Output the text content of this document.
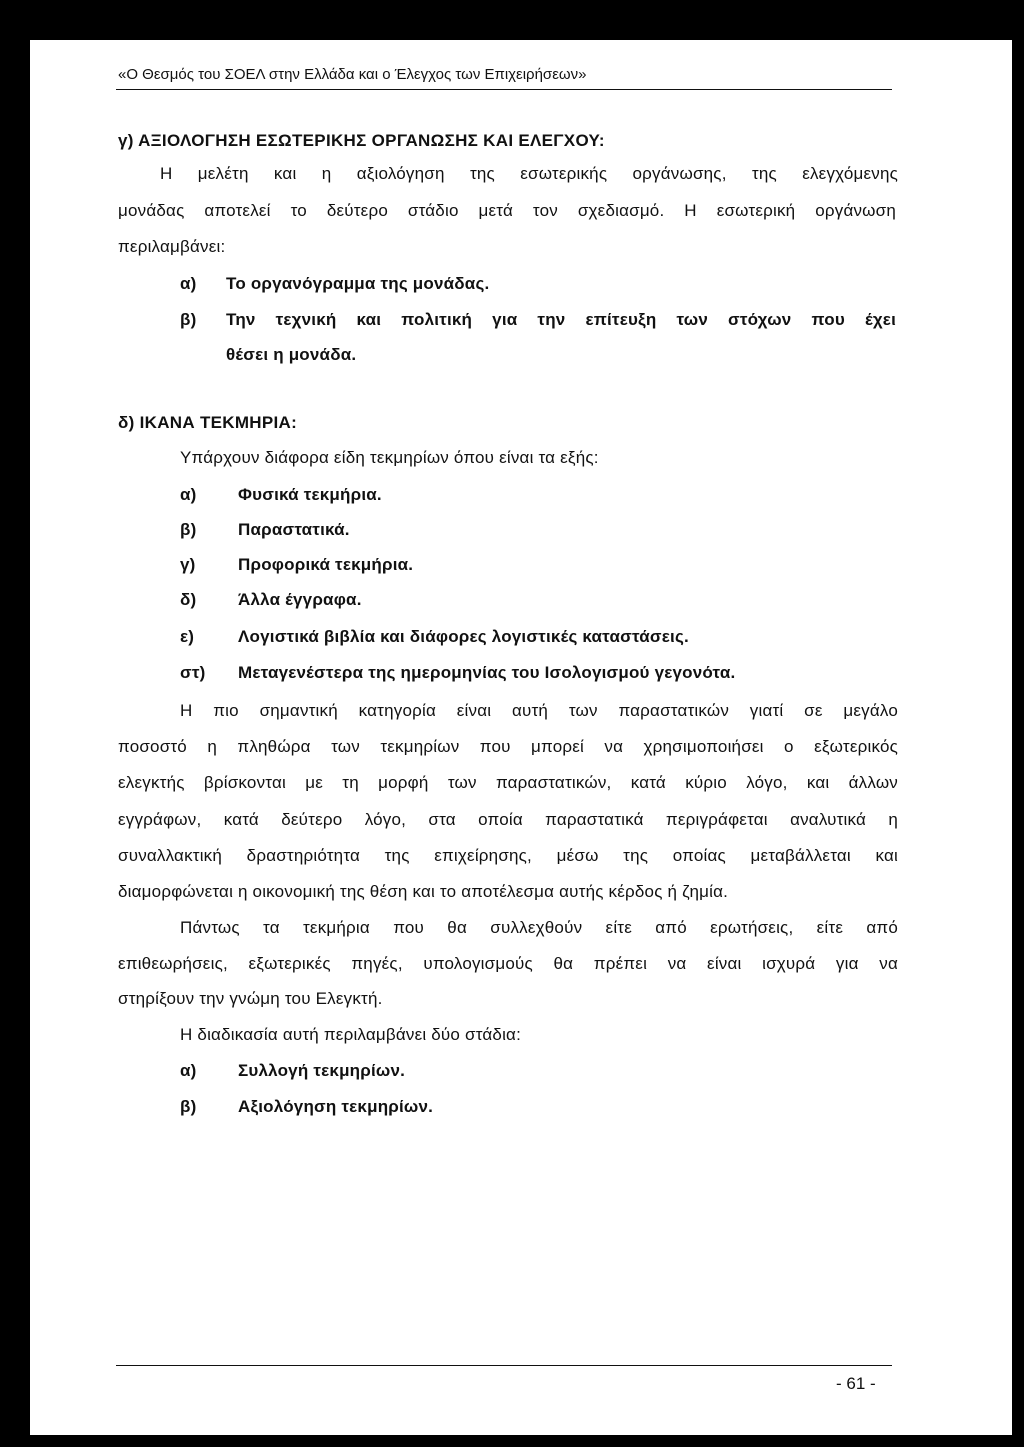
«Ο Θεσμός του ΣΟΕΛ στην Ελλάδα και ο Έλεγχος των Επιχειρήσεων»
γ) ΑΞΙΟΛΟΓΗΣΗ ΕΣΩΤΕΡΙΚΗΣ ΟΡΓΑΝΩΣΗΣ ΚΑΙ ΕΛΕΓΧΟΥ:
Η μελέτη και η αξιολόγηση της εσωτερικής οργάνωσης, της ελεγχόμενης
μονάδας αποτελεί το δεύτερο στάδιο μετά τον σχεδιασμό. Η εσωτερική οργάνωση
περιλαμβάνει:
α) Το οργανόγραμμα της μονάδας.
β) Την τεχνική και πολιτική για την επίτευξη των στόχων που έχει
θέσει η μονάδα.
δ) ΙΚΑΝΑ ΤΕΚΜΗΡΙΑ:
Υπάρχουν διάφορα είδη τεκμηρίων όπου είναι τα εξής:
α) Φυσικά τεκμήρια.
β) Παραστατικά.
γ) Προφορικά τεκμήρια.
δ) Άλλα έγγραφα.
ε)	Λογιστικά βιβλία και διάφορες λογιστικές καταστάσεις.
στ) Μεταγενέστερα της ημερομηνίας του Ισολογισμού γεγονότα.
Η πιο σημαντική κατηγορία είναι αυτή των παραστατικών γιατί σε μεγάλο
ποσοστό η πληθώρα των τεκμηρίων που μπορεί να χρησιμοποιήσει ο εξωτερικός
ελεγκτής βρίσκονται με τη μορφή των παραστατικών, κατά κύριο λόγο, και άλλων
εγγράφων, κατά δεύτερο λόγο, στα οποία παραστατικά περιγράφεται αναλυτικά η
συναλλακτική δραστηριότητα της επιχείρησης, μέσω της οποίας μεταβάλλεται και
διαμορφώνεται η οικονομική της θέση και το αποτέλεσμα αυτής κέρδος ή ζημία.
Πάντως τα τεκμήρια που θα συλλεχθούν είτε από ερωτήσεις, είτε από
επιθεωρήσεις, εξωτερικές πηγές, υπολογισμούς θα πρέπει να είναι ισχυρά για να
στηρίξουν την γνώμη του Ελεγκτή.
Η διαδικασία αυτή περιλαμβάνει δύο στάδια:
α) Συλλογή τεκμηρίων.
β) Αξιολόγηση τεκμηρίων.
- 61 -
